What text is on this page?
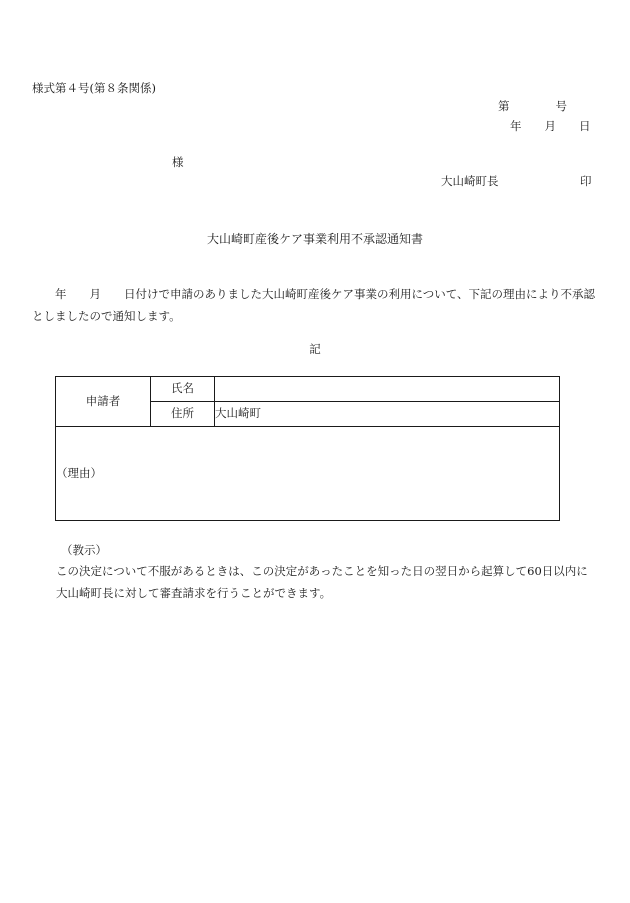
様式第４号(第８条関係)
第　　　　号
年　　月　　日
様
大山崎町長	印
大山崎町産後ケア事業利用不承認通知書
　　年　　月　　日付けで申請のありました大山崎町産後ケア事業の利用について、下記の理由により不承認としましたので通知します。
記
申請者	氏名	
	住所	大山崎町
（理由）		
（教示）
この決定について不服があるときは、この決定があったことを知った日の翌日から起算して60日以内に大山崎町長に対して審査請求を行うことができます。
